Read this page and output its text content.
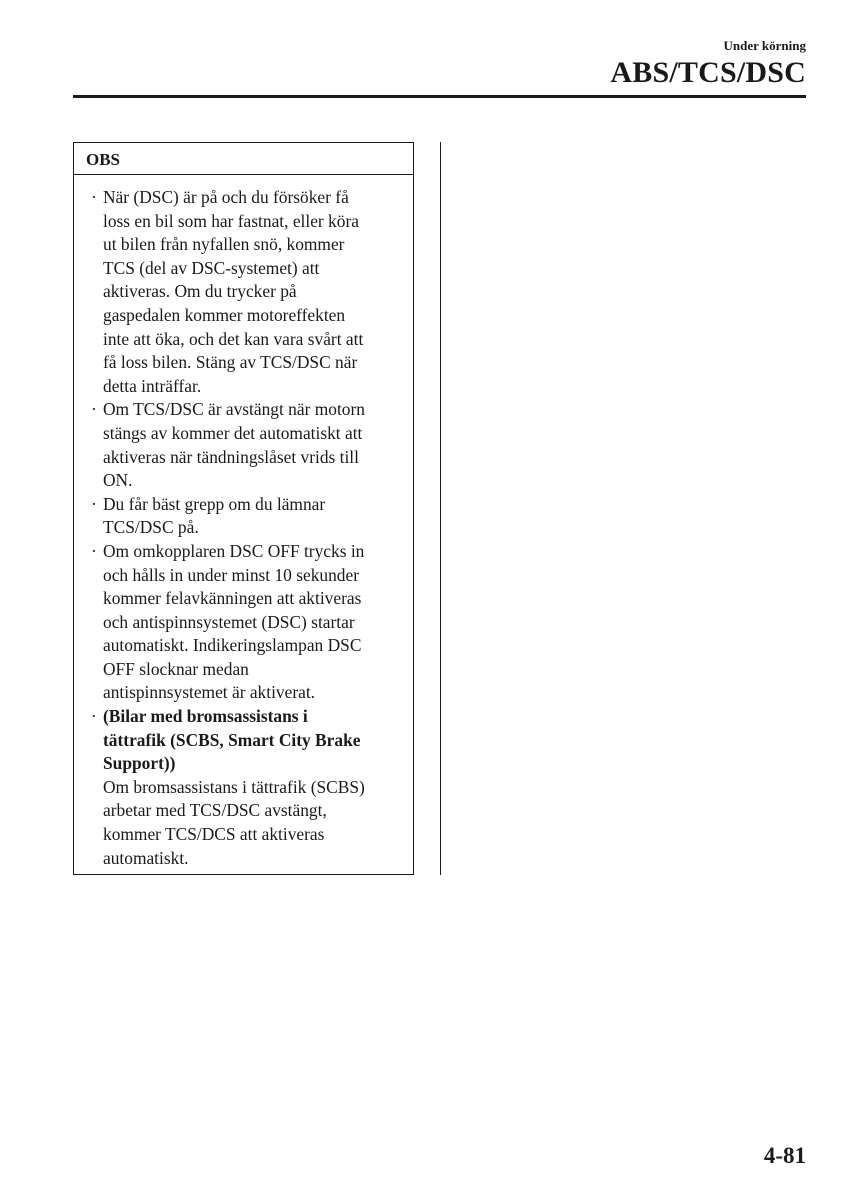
Under körning
ABS/TCS/DSC
OBS
· När (DSC) är på och du försöker få
loss en bil som har fastnat, eller köra
ut bilen från nyfallen snö, kommer
TCS (del av DSC-systemet) att
aktiveras. Om du trycker på
gaspedalen kommer motoreffekten
inte att öka, och det kan vara svårt att
få loss bilen. Stäng av TCS/DSC när
detta inträffar.
· Om TCS/DSC är avstängt när motorn
stängs av kommer det automatiskt att
aktiveras när tändningslåset vrids till
ON.
· Du får bäst grepp om du lämnar
TCS/DSC på.
· Om omkopplaren DSC OFF trycks in
och hålls in under minst 10 sekunder
kommer felavkänningen att aktiveras
och antispinnsystemet (DSC) startar
automatiskt. Indikeringslampan DSC
OFF slocknar medan
antispinnsystemet är aktiverat.
· (Bilar med bromsassistans i
tättrafik (SCBS, Smart City Brake
Support))
Om bromsassistans i tättrafik (SCBS)
arbetar med TCS/DSC avstängt,
kommer TCS/DCS att aktiveras
automatiskt.
4-81
